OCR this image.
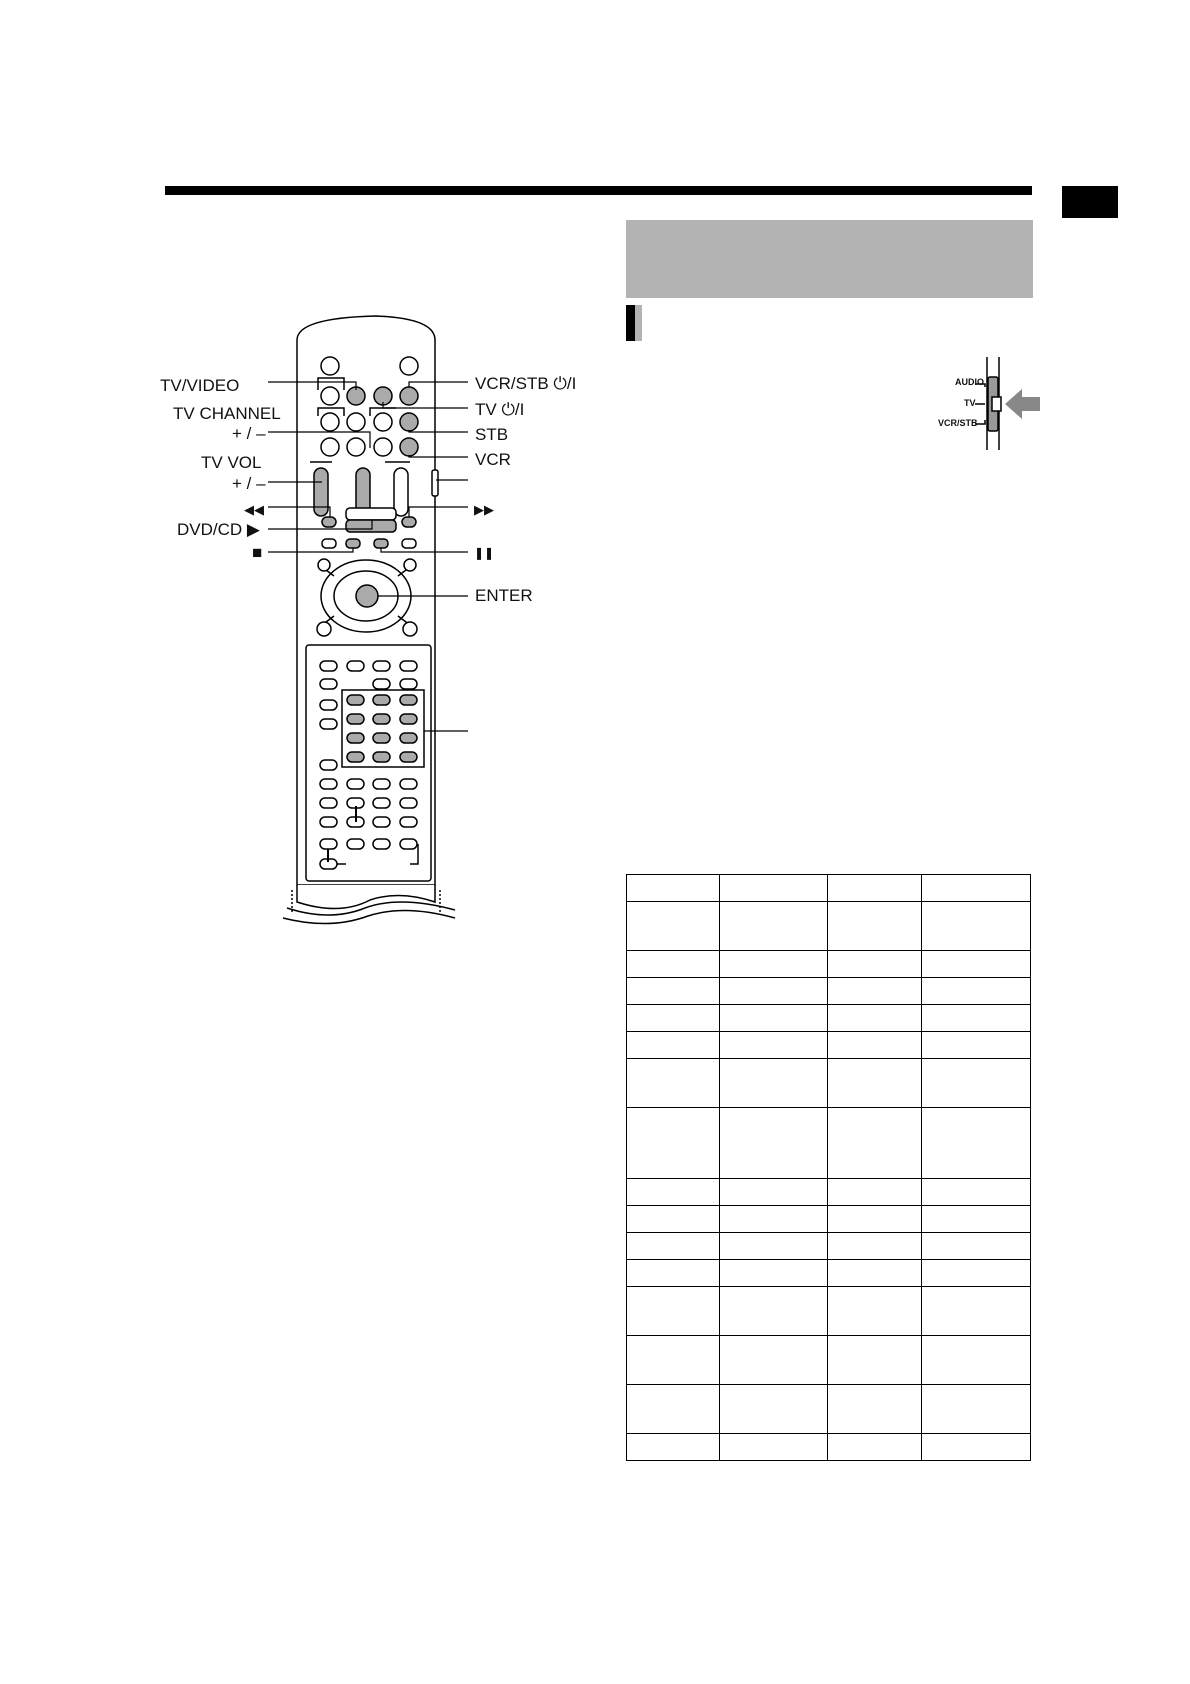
TV/VIDEO
TV CHANNEL
+ / –
TV VOL
+ / –
◀◀
DVD/CD ▶
■
VCR/STB ⏻/I
TV ⏻/I
STB
VCR
▶▶
❚❚
ENTER
AUDIO
TV
VCR/STB
